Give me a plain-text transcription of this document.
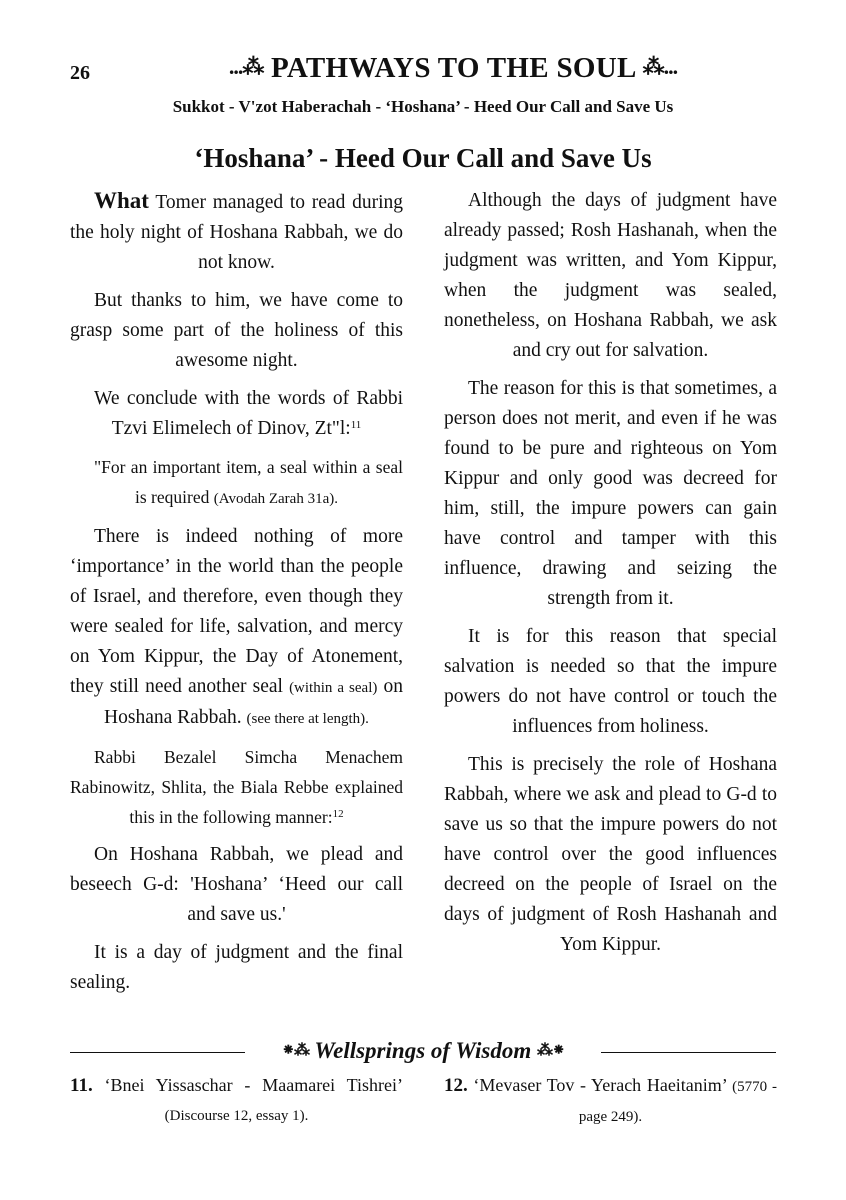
26	...⁂ PATHWAYS TO THE SOUL ⁂...
Sukkot - V'zot Haberachah - ‘Hoshana’ - Heed Our Call and Save Us
‘Hoshana’ - Heed Our Call and Save Us

What Tomer managed to read during the holy night of Hoshana Rabbah, we do not know.

But thanks to him, we have come to grasp some part of the holiness of this awesome night.

We conclude with the words of Rabbi Tzvi Elimelech of Dinov, Zt"l:$^{11}$

"For an important item, a seal within a seal is required (Avodah Zarah 31a).

There is indeed nothing of more ‘importance’ in the world than the people of Israel, and therefore, even though they were sealed for life, salvation, and mercy on Yom Kippur, the Day of Atonement, they still need another seal (within a seal) on Hoshana Rabbah. (see there at length).

Rabbi Bezalel Simcha Menachem Rabinowitz, Shlita, the Biala Rebbe explained this in the following manner:$^{12}$

On Hoshana Rabbah, we plead and beseech G-d: 'Hoshana’ ‘Heed our call and save us.'

It is a day of judgment and the final sealing.

Although the days of judgment have already passed; Rosh Hashanah, when the judgment was written, and Yom Kippur, when the judgment was sealed, nonetheless, on Hoshana Rabbah, we ask and cry out for salvation.

The reason for this is that sometimes, a person does not merit, and even if he was found to be pure and righteous on Yom Kippur and only good was decreed for him, still, the impure powers can gain have control and tamper with this influence, drawing and seizing the strength from it.

It is for this reason that special salvation is needed so that the impure powers do not have control or touch the influences from holiness.

This is precisely the role of Hoshana Rabbah, where we ask and plead to G-d to save us so that the impure powers do not have control over the good influences decreed on the people of Israel on the days of judgment of Rosh Hashanah and Yom Kippur.

⁕⁂ Wellsprings of Wisdom ⁂⁕
11. ‘Bnei Yissaschar - Maamarei Tishrei’ (Discourse 12, essay 1).
12. ‘Mevaser Tov - Yerach Haeitanim’ (5770 - page 249).
